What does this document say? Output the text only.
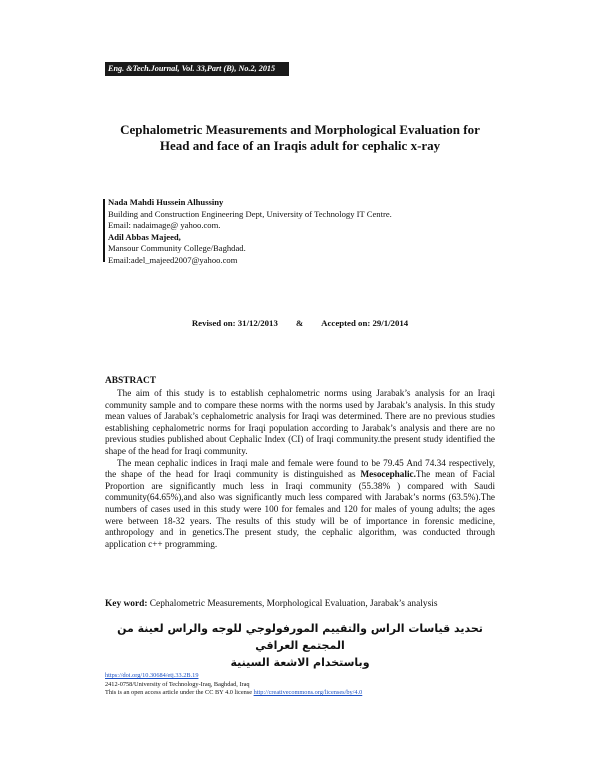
Eng. &Tech.Journal, Vol. 33,Part (B), No.2, 2015
Cephalometric Measurements and Morphological Evaluation for
Head and face of an Iraqis adult for cephalic x-ray
Nada Mahdi Hussein Alhussiny
Building and Construction Engineering Dept, University of Technology IT Centre.
Email: nadaimage@ yahoo.com.
Adil Abbas Majeed,
Mansour Community College/Baghdad.
Email:adel_majeed2007@yahoo.com
Revised on: 31/12/2013 & Accepted on: 29/1/2014
ABSTRACT

The aim of this study is to establish cephalometric norms using Jarabak’s analysis for an Iraqi community sample and to compare these norms with the norms used by Jarabak’s analysis. In this study mean values of Jarabak’s cephalometric analysis for Iraqi was determined. There are no previous studies establishing cephalometric norms for Iraqi population according to Jarabak’s analysis and there are no previous studies published about Cephalic Index (CI) of Iraqi community.the present study identified the shape of the head for Iraqi community.

The mean cephalic indices in Iraqi male and female were found to be 79.45 And 74.34 respectively, the shape of the head for Iraqi community is distinguished as Mesocephalic.The mean of Facial Proportion are significantly much less in Iraqi community (55.38% ) compared with Saudi community(64.65%),and also was significantly much less compared with Jarabak’s norms (63.5%).The numbers of cases used in this study were 100 for females and 120 for males of young adults; the ages were between 18-32 years. The results of this study will be of importance in forensic medicine, anthropology and in genetics.The present study, the cephalic algorithm, was conducted through application c++ programming.

Key word: Cephalometric Measurements, Morphological Evaluation, Jarabak’s analysis
تحديد قياسات الراس والتقييم المورفولوجي للوجه والراس لعينة من المجتمع العراقي
وباستخدام الاشعة السينية
https://doi.org/10.30684/etj.33.2B.19
2412-0758/University of Technology-Iraq, Baghdad, Iraq
This is an open access article under the CC BY 4.0 license http://creativecommons.org/licenses/by/4.0
